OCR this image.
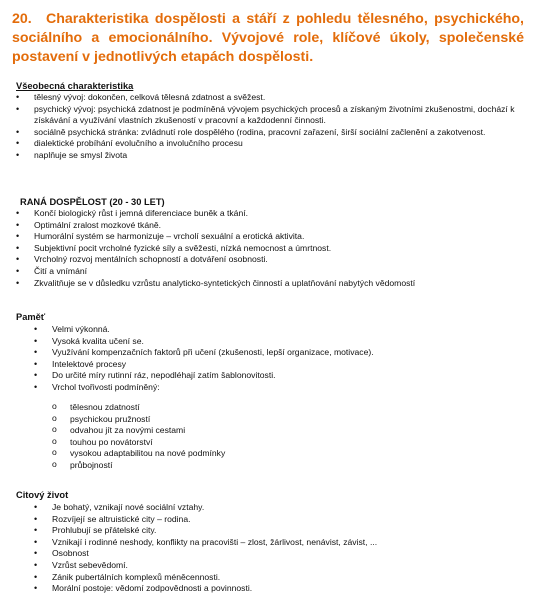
20. Charakteristika dospělosti a stáří z pohledu tělesného, psychického, sociálního a emocionálního. Vývojové role, klíčové úkoly, společenské postavení v jednotlivých etapách dospělosti.
Všeobecná charakteristika
• tělesný vývoj: dokončen, celková tělesná zdatnost a svěžest.
• psychický vývoj: psychická zdatnost je podmíněná vývojem psychických procesů a získaným životními zkušenostmi, dochází k získávání a využívání vlastních zkušeností v pracovní a každodenní činnosti.
• sociálně psychická stránka: zvládnutí role dospělého (rodina, pracovní zařazení, širší sociální začlenění a zakotvenost.
• dialektické probíhání evolučního a involučního procesu
• naplňuje se smysl života
RANÁ DOSPĚLOST (20 - 30 LET)
• Končí biologický růst i jemná diferenciace buněk a tkání.
• Optimální zralost mozkové tkáně.
• Humorální systém se harmonizuje – vrcholí sexuální a erotická aktivita.
• Subjektivní pocit vrcholné fyzické síly a svěžesti, nízká nemocnost a úmrtnost.
• Vrcholný rozvoj mentálních schopností a dotváření osobnosti.
• Čití a vnímání
• Zkvalitňuje se v důsledku vzrůstu analyticko-syntetických činností a uplatňování nabytých vědomostí
Paměť
• Velmi výkonná.
• Vysoká kvalita učení se.
• Využívání kompenzačních faktorů při učení (zkušenosti, lepší organizace, motivace).
• Intelektové procesy
• Do určité míry rutinní ráz, nepodléhají zatím šablonovitosti.
• Vrchol tvořivosti podmíněný:
o tělesnou zdatností
o psychickou pružností
o odvahou jít za novými cestami
o touhou po novátorství
o vysokou adaptabilitou na nové podmínky
o průbojností
Citový život
• Je bohatý, vznikají nové sociální vztahy.
• Rozvíjejí se altruistické city – rodina.
• Prohlubují se přátelské city.
• Vznikají i rodinné neshody, konflikty na pracovišti – zlost, žárlivost, nenávist, závist, ...
• Osobnost
• Vzrůst sebevědomí.
• Zánik pubertálních komplexů méněcennosti.
• Morální postoje: vědomí zodpovědnosti a povinnosti.
